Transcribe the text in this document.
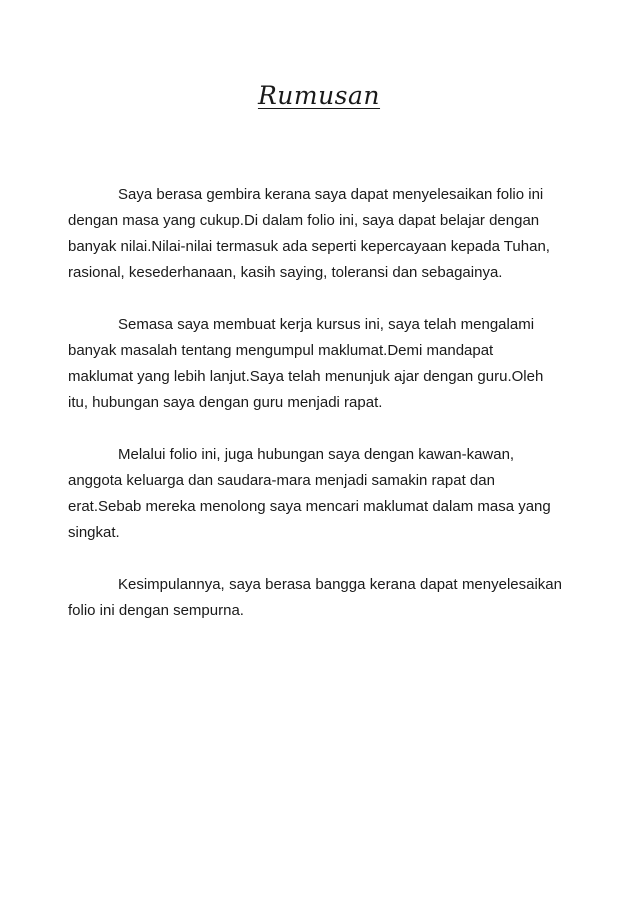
Rumusan

Saya berasa gembira kerana saya dapat menyelesaikan folio ini dengan masa yang cukup.Di dalam folio ini, saya dapat belajar dengan banyak nilai.Nilai-nilai termasuk ada seperti kepercayaan kepada Tuhan, rasional, kesederhanaan, kasih saying, toleransi dan sebagainya.

Semasa saya membuat kerja kursus ini, saya telah mengalami banyak masalah tentang mengumpul maklumat.Demi mandapat maklumat yang lebih lanjut.Saya telah menunjuk ajar dengan guru.Oleh itu, hubungan saya dengan guru menjadi rapat.

Melalui folio ini, juga hubungan saya dengan kawan-kawan, anggota keluarga dan saudara-mara menjadi samakin rapat dan erat.Sebab mereka menolong saya mencari maklumat dalam masa yang singkat.

Kesimpulannya, saya berasa bangga kerana dapat menyelesaikan folio ini dengan sempurna.
